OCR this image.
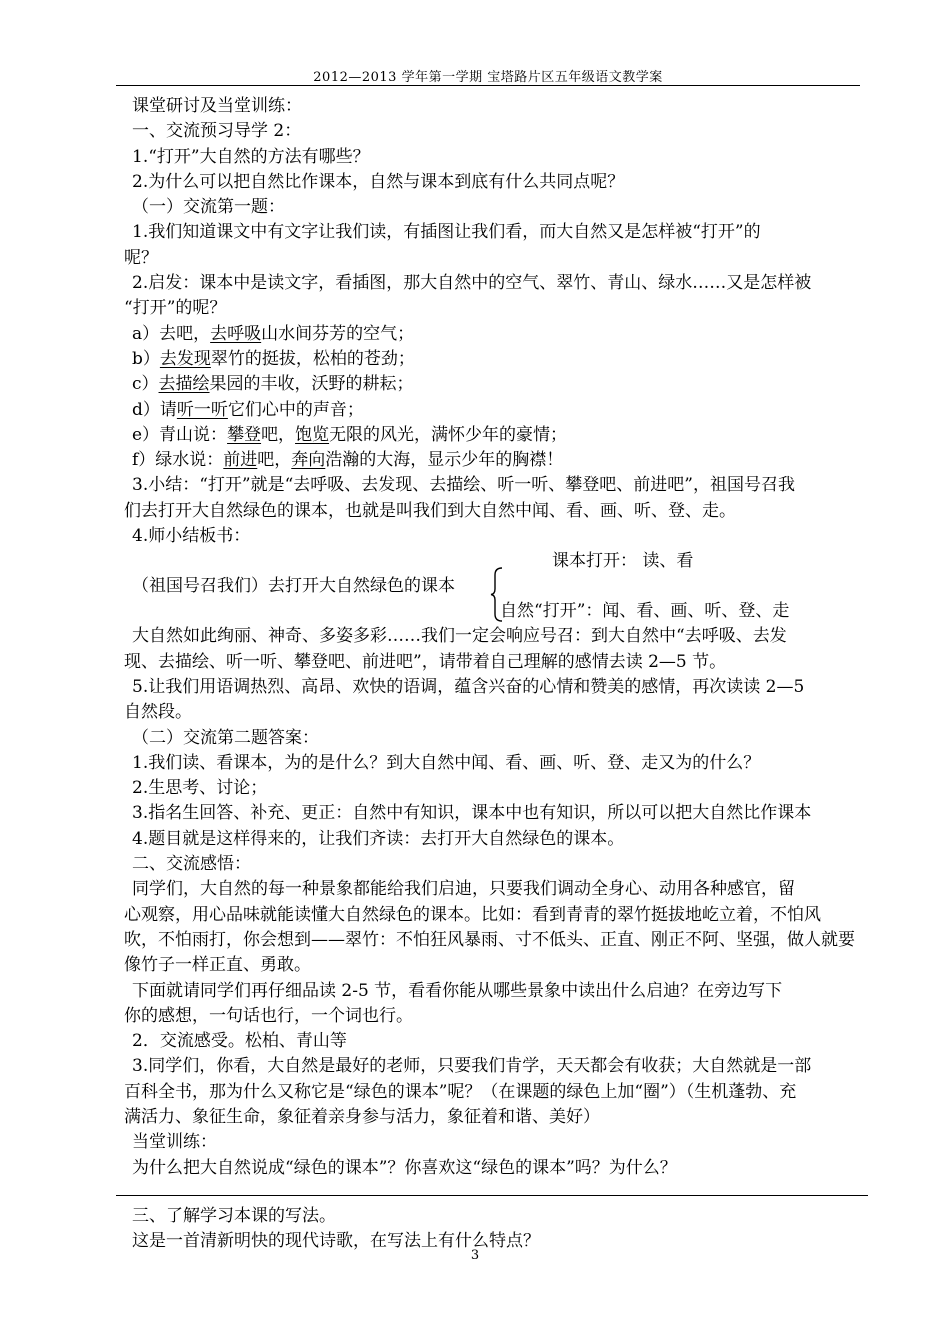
2012—2013 学年第一学期 宝塔路片区五年级语文教学案

课堂研讨及当堂训练：

一、交流预习导学 2：

1.“打开”大自然的方法有哪些？

2.为什么可以把自然比作课本，自然与课本到底有什么共同点呢？

（一）交流第一题：

1.我们知道课文中有文字让我们读，有插图让我们看，而大自然又是怎样被“打开”的

呢？

2.启发：课本中是读文字，看插图，那大自然中的空气、翠竹、青山、绿水……又是怎样被

“打开”的呢？

a）去吧，去呼吸山水间芬芳的空气；

b）去发现翠竹的挺拔，松柏的苍劲；

c）去描绘果园的丰收，沃野的耕耘；

d）请听一听它们心中的声音；

e）青山说：攀登吧，饱览无限的风光，满怀少年的豪情；

f）绿水说：前进吧，奔向浩瀚的大海，显示少年的胸襟！

3.小结：“打开”就是“去呼吸、去发现、去描绘、听一听、攀登吧、前进吧”，祖国号召我

们去打开大自然绿色的课本，也就是叫我们到大自然中闻、看、画、听、登、走。

4.师小结板书：

课本打开： 读、看
（祖国号召我们）去打开大自然绿色的课本
自然“打开”：闻、看、画、听、登、走

大自然如此绚丽、神奇、多姿多彩……我们一定会响应号召：到大自然中“去呼吸、去发

现、去描绘、听一听、攀登吧、前进吧”，请带着自己理解的感情去读 2—5 节。

5.让我们用语调热烈、高昂、欢快的语调，蕴含兴奋的心情和赞美的感情，再次读读 2—5

自然段。

（二）交流第二题答案：

1.我们读、看课本，为的是什么？到大自然中闻、看、画、听、登、走又为的什么？

2.生思考、讨论；

3.指名生回答、补充、更正：自然中有知识，课本中也有知识，所以可以把大自然比作课本

4.题目就是这样得来的，让我们齐读：去打开大自然绿色的课本。

二、交流感悟：

同学们，大自然的每一种景象都能给我们启迪，只要我们调动全身心、动用各种感官，留

心观察，用心品味就能读懂大自然绿色的课本。比如：看到青青的翠竹挺拔地屹立着，不怕风

吹，不怕雨打，你会想到——翠竹：不怕狂风暴雨、寸不低头、正直、刚正不阿、坚强，做人就要

像竹子一样正直、勇敢。

下面就请同学们再仔细品读 2-5 节，看看你能从哪些景象中读出什么启迪？在旁边写下

你的感想，一句话也行，一个词也行。

2．交流感受。松柏、青山等

3.同学们，你看，大自然是最好的老师，只要我们肯学，天天都会有收获；大自然就是一部

百科全书，那为什么又称它是“绿色的课本”呢？（在课题的绿色上加“圈”）（生机蓬勃、充

满活力、象征生命，象征着亲身参与活力，象征着和谐、美好）

当堂训练：

为什么把大自然说成“绿色的课本”？你喜欢这“绿色的课本”吗？为什么？

三、了解学习本课的写法。

这是一首清新明快的现代诗歌，在写法上有什么特点？

3
